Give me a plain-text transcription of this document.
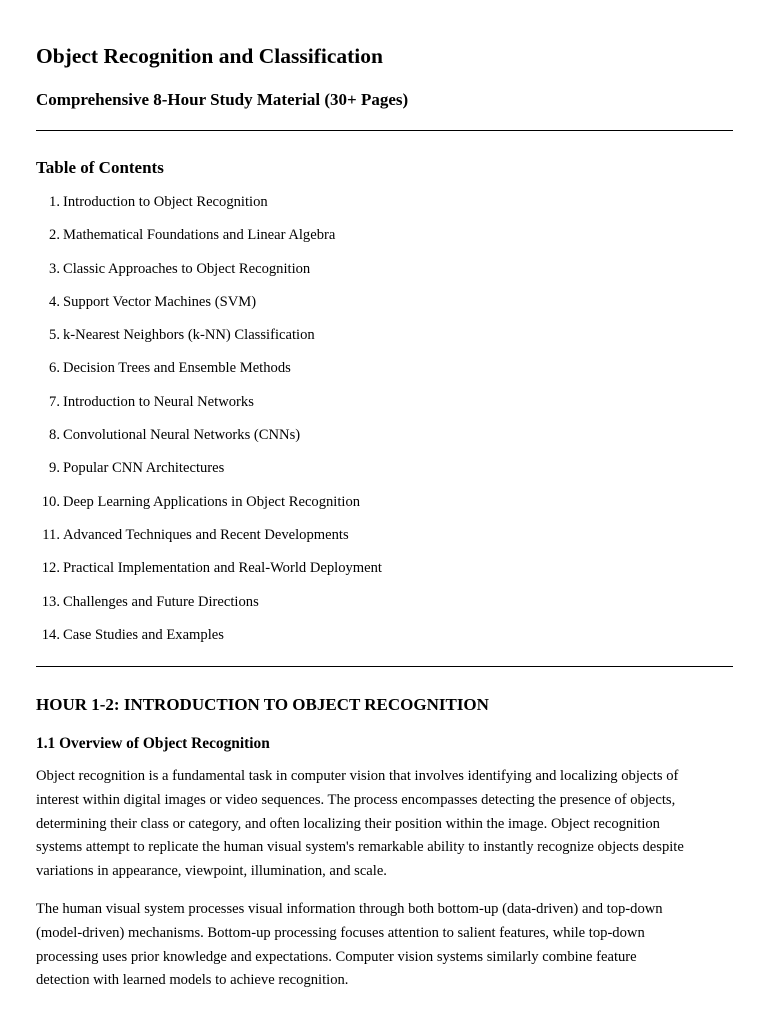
Object Recognition and Classification
Comprehensive 8-Hour Study Material (30+ Pages)
Table of Contents
1. Introduction to Object Recognition
2. Mathematical Foundations and Linear Algebra
3. Classic Approaches to Object Recognition
4. Support Vector Machines (SVM)
5. k-Nearest Neighbors (k-NN) Classification
6. Decision Trees and Ensemble Methods
7. Introduction to Neural Networks
8. Convolutional Neural Networks (CNNs)
9. Popular CNN Architectures
10. Deep Learning Applications in Object Recognition
11. Advanced Techniques and Recent Developments
12. Practical Implementation and Real-World Deployment
13. Challenges and Future Directions
14. Case Studies and Examples
HOUR 1-2: INTRODUCTION TO OBJECT RECOGNITION
1.1 Overview of Object Recognition

Object recognition is a fundamental task in computer vision that involves identifying and localizing objects of
interest within digital images or video sequences. The process encompasses detecting the presence of objects,
determining their class or category, and often localizing their position within the image. Object recognition
systems attempt to replicate the human visual system's remarkable ability to instantly recognize objects despite
variations in appearance, viewpoint, illumination, and scale.

The human visual system processes visual information through both bottom-up (data-driven) and top-down
(model-driven) mechanisms. Bottom-up processing focuses attention to salient features, while top-down
processing uses prior knowledge and expectations. Computer vision systems similarly combine feature
detection with learned models to achieve recognition.
